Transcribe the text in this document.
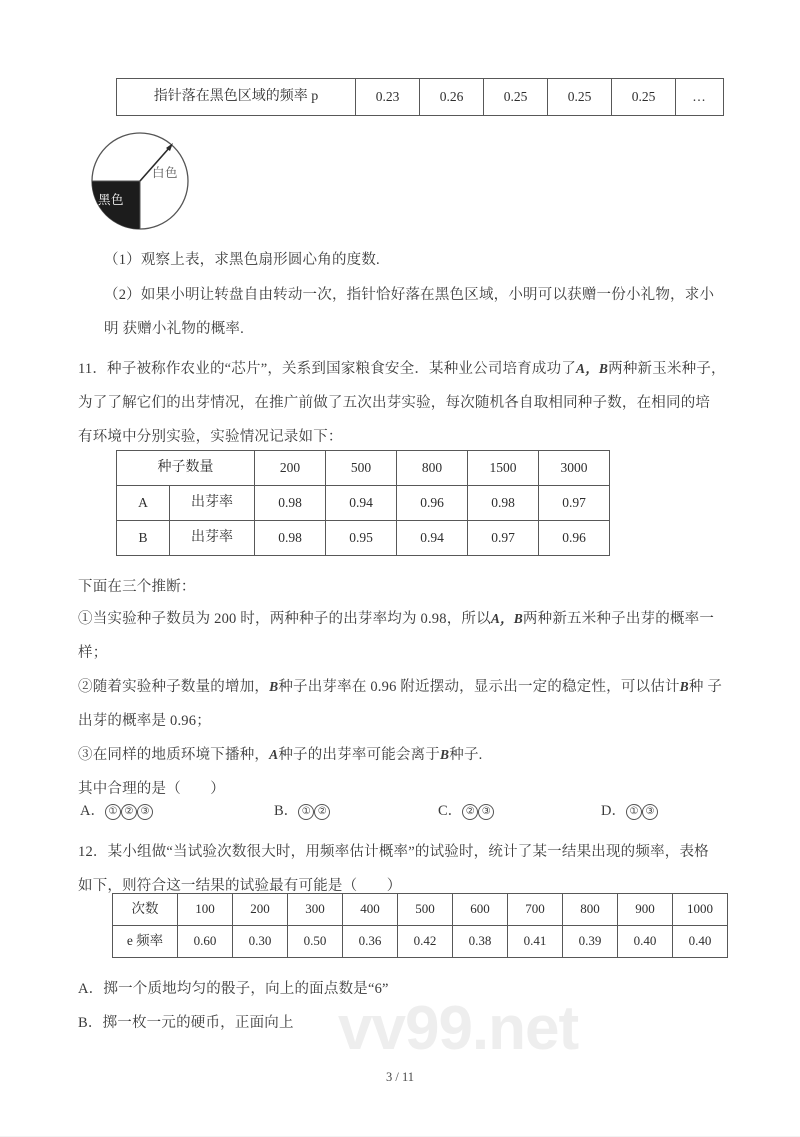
vv99.net
指针落在黑色区域的频率 p	0.23	0.26	0.25	0.25	0.25	…
白色
黑色
（1）观察上表，求黑色扇形圆心角的度数.
（2）如果小明让转盘自由转动一次，指针恰好落在黑色区域，小明可以获赠一份小礼物，求小明 获赠小礼物的概率.
11．种子被称作农业的“芯片”，关系到国家粮食安全．某种业公司培育成功了A，B两种新玉米种子， 为了了解它们的出芽情况，在推广前做了五次出芽实验，每次随机各自取相同种子数，在相同的培 有环境中分别实验，实验情况记录如下：
种子数量		200	500	800	1500	3000
A	出芽率	0.98	0.94	0.96	0.98	0.97
B	出芽率	0.98	0.95	0.94	0.97	0.96
下面在三个推断：
①当实验种子数员为 200 时，两种种子的出芽率均为 0.98，所以A，B两种新五米种子出芽的概率一 样；
②随着实验种子数量的增加，B种子出芽率在 0.96 附近摆动，显示出一定的稳定性，可以估计B种 子出芽的概率是 0.96；
③在同样的地质环境下播种，A种子的出芽率可能会离于B种子.
其中合理的是（　　）
A． ① ② ③	B． ① ②	C． ② ③	D． ① ③
12．某小组做“当试验次数很大时，用频率估计概率”的试验时，统计了某一结果出现的频率，表格 如下，则符合这一结果的试验最有可能是（　　）
次数	100	200	300	400	500	600	700	800	900	1000
e 频率	0.60	0.30	0.50	0.36	0.42	0.38	0.41	0.39	0.40	0.40
A．掷一个质地均匀的骰子，向上的面点数是“6”
B．掷一枚一元的硬币，正面向上
3 / 11
